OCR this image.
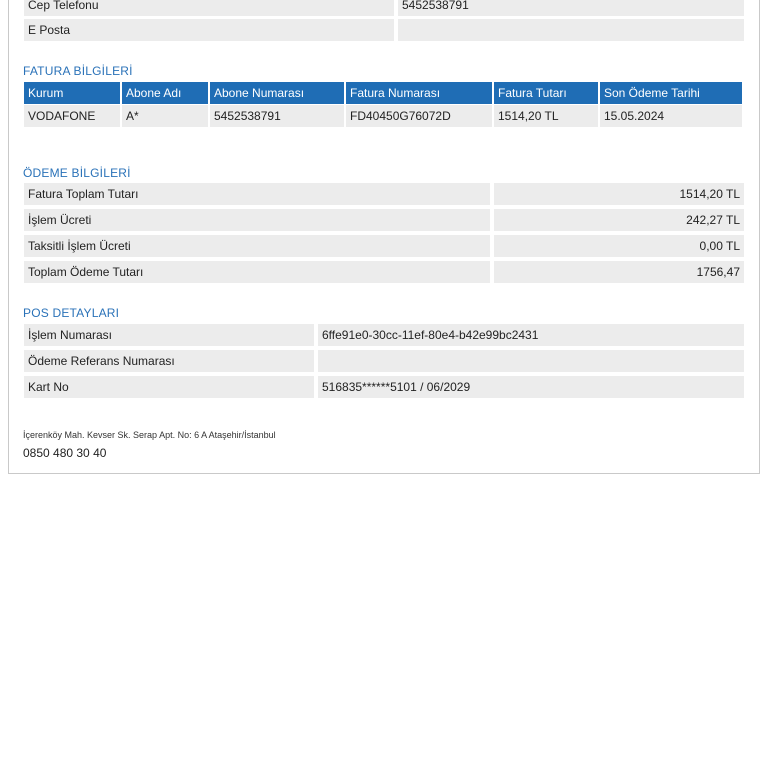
Cep Telefonu	5452538791
E Posta
FATURA BİLGİLERİ
Kurum	Abone Adı	Abone Numarası	Fatura Numarası	Fatura Tutarı	Son Ödeme Tarihi
VODAFONE	A*	5452538791	FD40450G76072D	1514,20 TL	15.05.2024
ÖDEME BİLGİLERİ
Fatura Toplam Tutarı	1514,20 TL
İşlem Ücreti	242,27 TL
Taksitli İşlem Ücreti	0,00 TL
Toplam Ödeme Tutarı	1756,47
POS DETAYLARI
İşlem Numarası	6ffe91e0-30cc-11ef-80e4-b42e99bc2431
Ödeme Referans Numarası
Kart No	516835******5101 / 06/2029
İçerenköy Mah. Kevser Sk. Serap Apt. No: 6 A Ataşehir/İstanbul
0850 480 30 40
